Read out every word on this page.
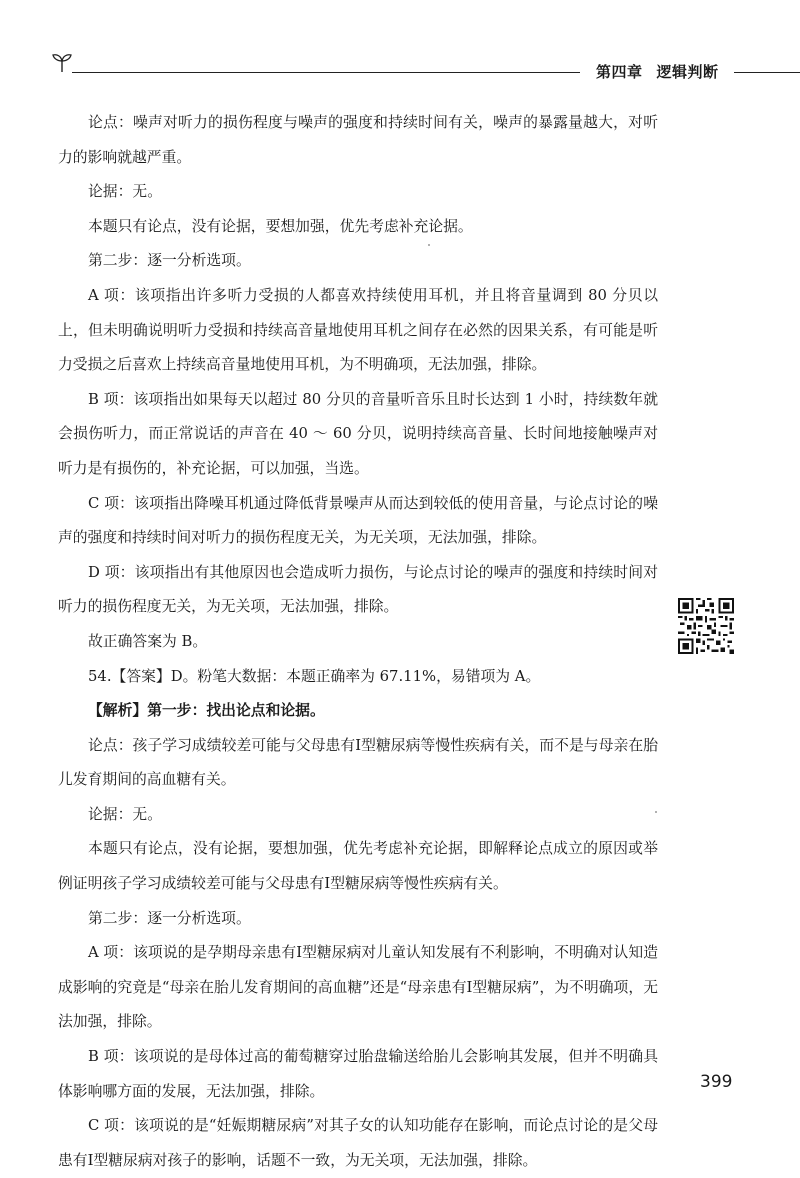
第四章 逻辑判断

论点：噪声对听力的损伤程度与噪声的强度和持续时间有关，噪声的暴露量越大，对听力的影响就越严重。

论据：无。

本题只有论点，没有论据，要想加强，优先考虑补充论据。

第二步：逐一分析选项。

A 项：该项指出许多听力受损的人都喜欢持续使用耳机，并且将音量调到 80 分贝以上，但未明确说明听力受损和持续高音量地使用耳机之间存在必然的因果关系，有可能是听力受损之后喜欢上持续高音量地使用耳机，为不明确项，无法加强，排除。

B 项：该项指出如果每天以超过 80 分贝的音量听音乐且时长达到 1 小时，持续数年就会损伤听力，而正常说话的声音在 40 ～ 60 分贝，说明持续高音量、长时间地接触噪声对听力是有损伤的，补充论据，可以加强，当选。

C 项：该项指出降噪耳机通过降低背景噪声从而达到较低的使用音量，与论点讨论的噪声的强度和持续时间对听力的损伤程度无关，为无关项，无法加强，排除。

D 项：该项指出有其他原因也会造成听力损伤，与论点讨论的噪声的强度和持续时间对听力的损伤程度无关，为无关项，无法加强，排除。

故正确答案为 B。

54.【答案】D。粉笔大数据：本题正确率为 67.11%，易错项为 A。

【解析】第一步：找出论点和论据。

论点：孩子学习成绩较差可能与父母患有Ⅰ型糖尿病等慢性疾病有关，而不是与母亲在胎儿发育期间的高血糖有关。

论据：无。

本题只有论点，没有论据，要想加强，优先考虑补充论据，即解释论点成立的原因或举例证明孩子学习成绩较差可能与父母患有Ⅰ型糖尿病等慢性疾病有关。

第二步：逐一分析选项。

A 项：该项说的是孕期母亲患有Ⅰ型糖尿病对儿童认知发展有不利影响，不明确对认知造成影响的究竟是“母亲在胎儿发育期间的高血糖”还是“母亲患有Ⅰ型糖尿病”，为不明确项，无法加强，排除。

B 项：该项说的是母体过高的葡萄糖穿过胎盘输送给胎儿会影响其发展，但并不明确具体影响哪方面的发展，无法加强，排除。

C 项：该项说的是“妊娠期糖尿病”对其子女的认知功能存在影响，而论点讨论的是父母患有Ⅰ型糖尿病对孩子的影响，话题不一致，为无关项，无法加强，排除。

399
